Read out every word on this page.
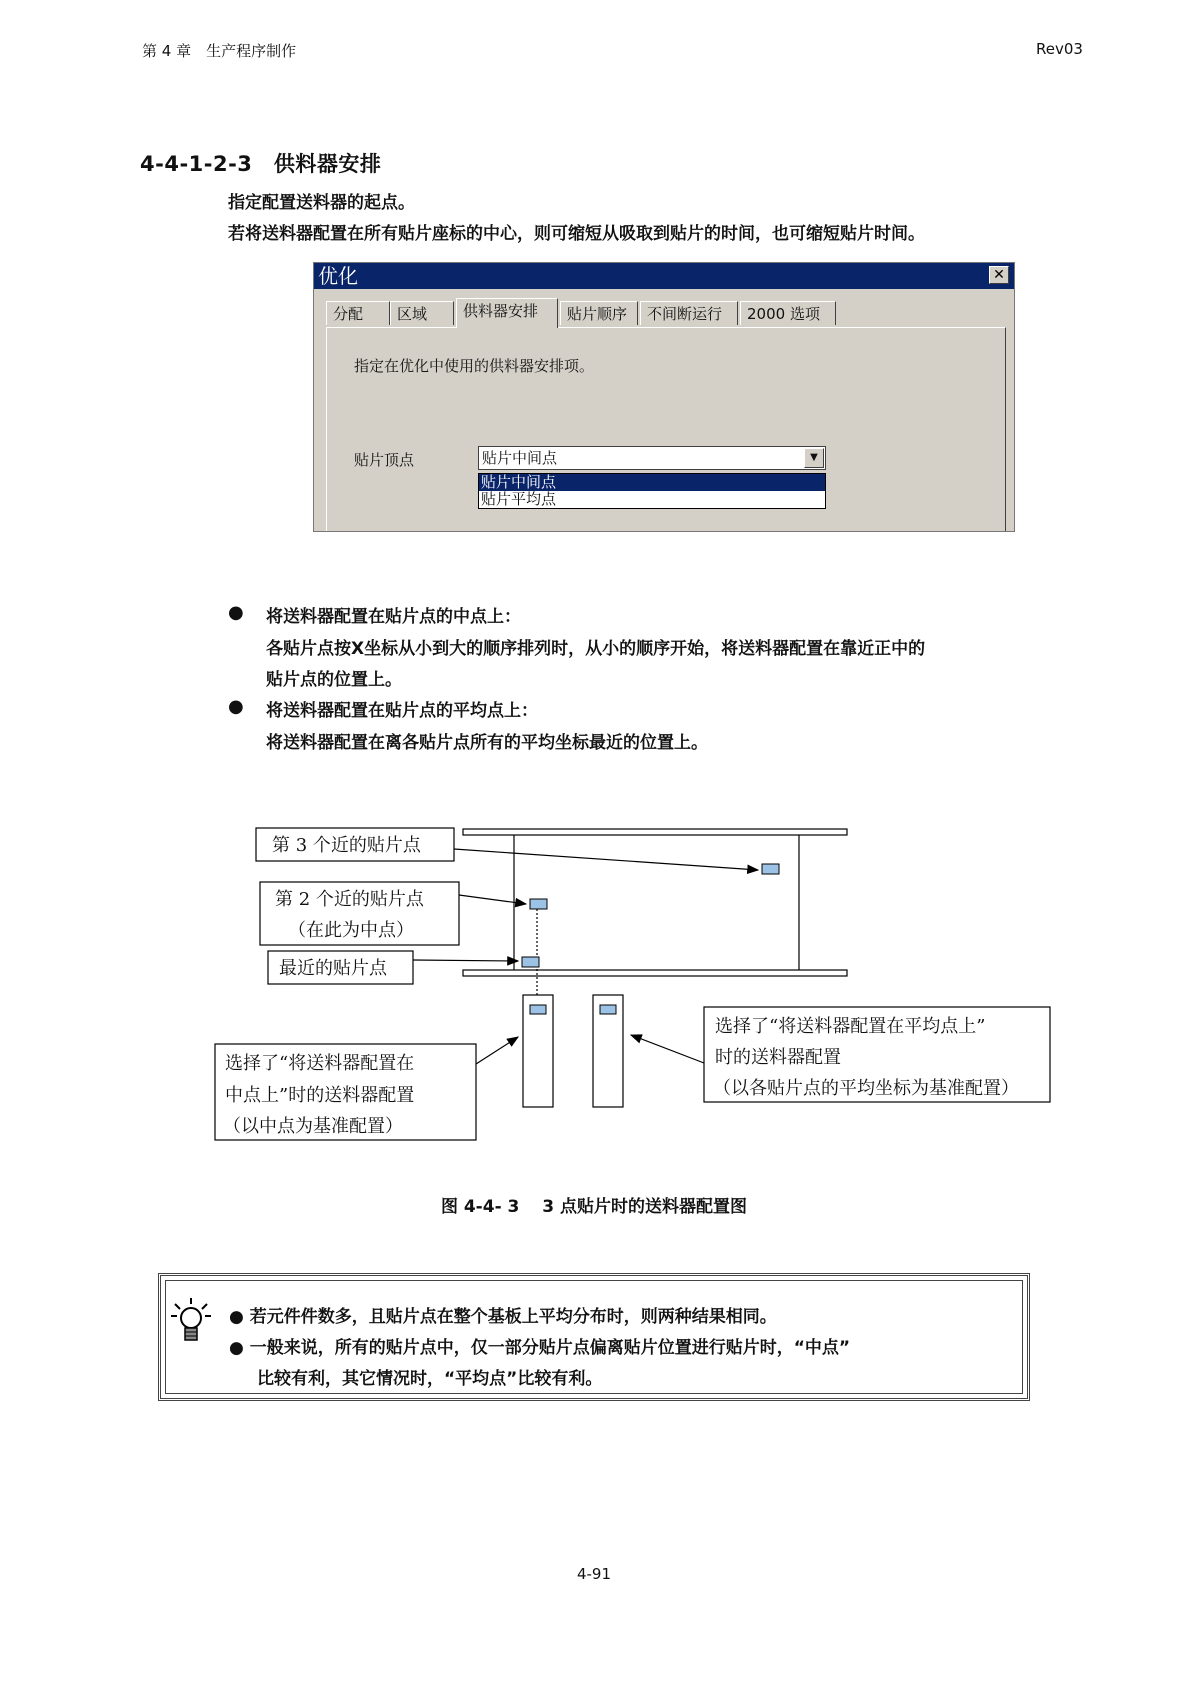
第 4 章　生产程序制作	Rev03
4-4-1-2-3　供料器安排
指定配置送料器的起点。
若将送料器配置在所有贴片座标的中心，则可缩短从吸取到贴片的时间，也可缩短贴片时间。
优化	✕
分配	区域	供料器安排	贴片顺序	不间断运行	2000 选项
指定在优化中使用的供料器安排项。
贴片顶点	贴片中间点	▼
贴片中间点
贴片平均点
● 将送料器配置在贴片点的中点上：
各贴片点按X坐标从小到大的顺序排列时，从小的顺序开始，将送料器配置在靠近正中的
贴片点的位置上。
● 将送料器配置在贴片点的平均点上：
将送料器配置在离各贴片点所有的平均坐标最近的位置上。
第 3 个近的贴片点
第 2 个近的贴片点
（在此为中点）
最近的贴片点
选择了“将送料器配置在
中点上”时的送料器配置
（以中点为基准配置）
选择了“将送料器配置在平均点上”
时的送料器配置
（以各贴片点的平均坐标为基准配置）
图 4-4- 3　 3 点贴片时的送料器配置图
● 若元件件数多，且贴片点在整个基板上平均分布时，则两种结果相同。
● 一般来说，所有的贴片点中，仅一部分贴片点偏离贴片位置进行贴片时，“中点”
比较有利，其它情况时，“平均点”比较有利。
4-91
